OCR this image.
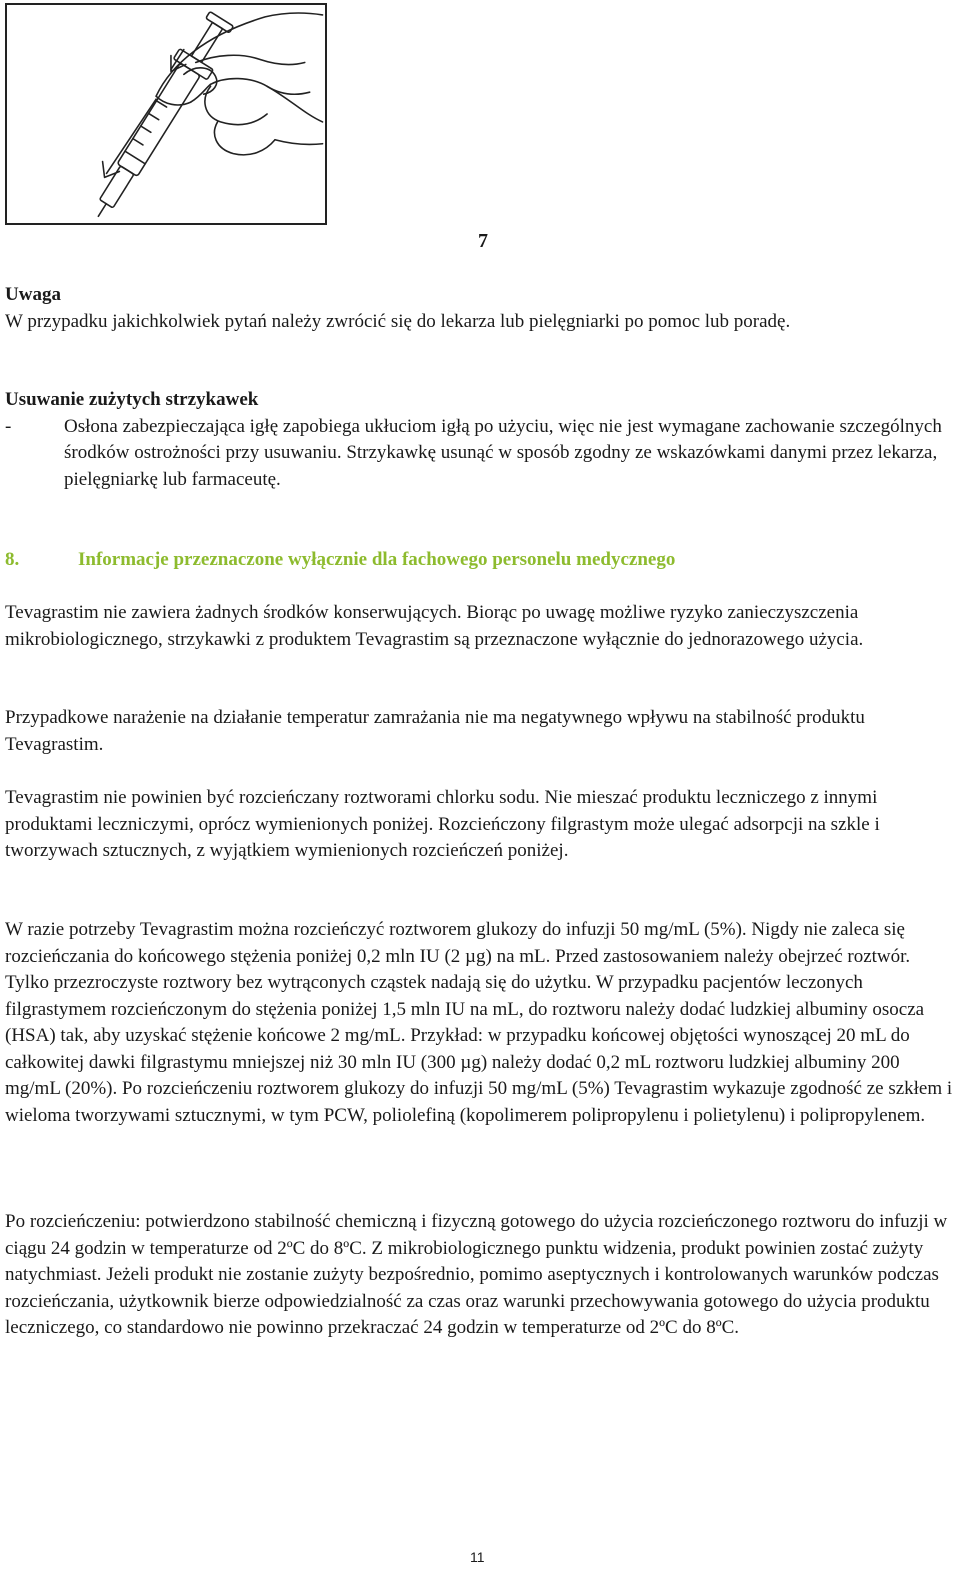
7

Uwaga

W przypadku jakichkolwiek pytań należy zwrócić się do lekarza lub pielęgniarki po pomoc lub poradę.

Usuwanie zużytych strzykawek

-	Osłona zabezpieczająca igłę zapobiega ukłuciom igłą po użyciu, więc nie jest wymagane zachowanie szczególnych środków ostrożności przy usuwaniu. Strzykawkę usunąć w sposób zgodny ze wskazówkami danymi przez lekarza, pielęgniarkę lub farmaceutę.
8.	Informacje przeznaczone wyłącznie dla fachowego personelu medycznego

Tevagrastim nie zawiera żadnych środków konserwujących. Biorąc po uwagę możliwe ryzyko zanieczyszczenia mikrobiologicznego, strzykawki z produktem Tevagrastim są przeznaczone wyłącznie do jednorazowego użycia.

Przypadkowe narażenie na działanie temperatur zamrażania nie ma negatywnego wpływu na stabilność produktu Tevagrastim.

Tevagrastim nie powinien być rozcieńczany roztworami chlorku sodu. Nie mieszać produktu leczniczego z innymi produktami leczniczymi, oprócz wymienionych poniżej. Rozcieńczony filgrastym może ulegać adsorpcji na szkle i tworzywach sztucznych, z wyjątkiem wymienionych rozcieńczeń poniżej.

W razie potrzeby Tevagrastim można rozcieńczyć roztworem glukozy do infuzji 50 mg/mL (5%). Nigdy nie zaleca się rozcieńczania do końcowego stężenia poniżej 0,2 mln IU (2 µg) na mL. Przed zastosowaniem należy obejrzeć roztwór. Tylko przezroczyste roztwory bez wytrąconych cząstek nadają się do użytku. W przypadku pacjentów leczonych filgrastymem rozcieńczonym do stężenia poniżej 1,5 mln IU na mL, do roztworu należy dodać ludzkiej albuminy osocza (HSA) tak, aby uzyskać stężenie końcowe 2 mg/mL. Przykład: w przypadku końcowej objętości wynoszącej 20 mL do całkowitej dawki filgrastymu mniejszej niż 30 mln IU (300 µg) należy dodać 0,2 mL roztworu ludzkiej albuminy 200 mg/mL (20%). Po rozcieńczeniu roztworem glukozy do infuzji 50 mg/mL (5%) Tevagrastim wykazuje zgodność ze szkłem i wieloma tworzywami sztucznymi, w tym PCW, poliolefiną (kopolimerem polipropylenu i polietylenu) i polipropylenem.

Po rozcieńczeniu: potwierdzono stabilność chemiczną i fizyczną gotowego do użycia rozcieńczonego roztworu do infuzji w ciągu 24 godzin w temperaturze od 2ºC do 8ºC. Z mikrobiologicznego punktu widzenia, produkt powinien zostać zużyty natychmiast. Jeżeli produkt nie zostanie zużyty bezpośrednio, pomimo aseptycznych i kontrolowanych warunków podczas rozcieńczania, użytkownik bierze odpowiedzialność za czas oraz warunki przechowywania gotowego do użycia produktu leczniczego, co standardowo nie powinno przekraczać 24 godzin w temperaturze od 2ºC do 8ºC.

11
